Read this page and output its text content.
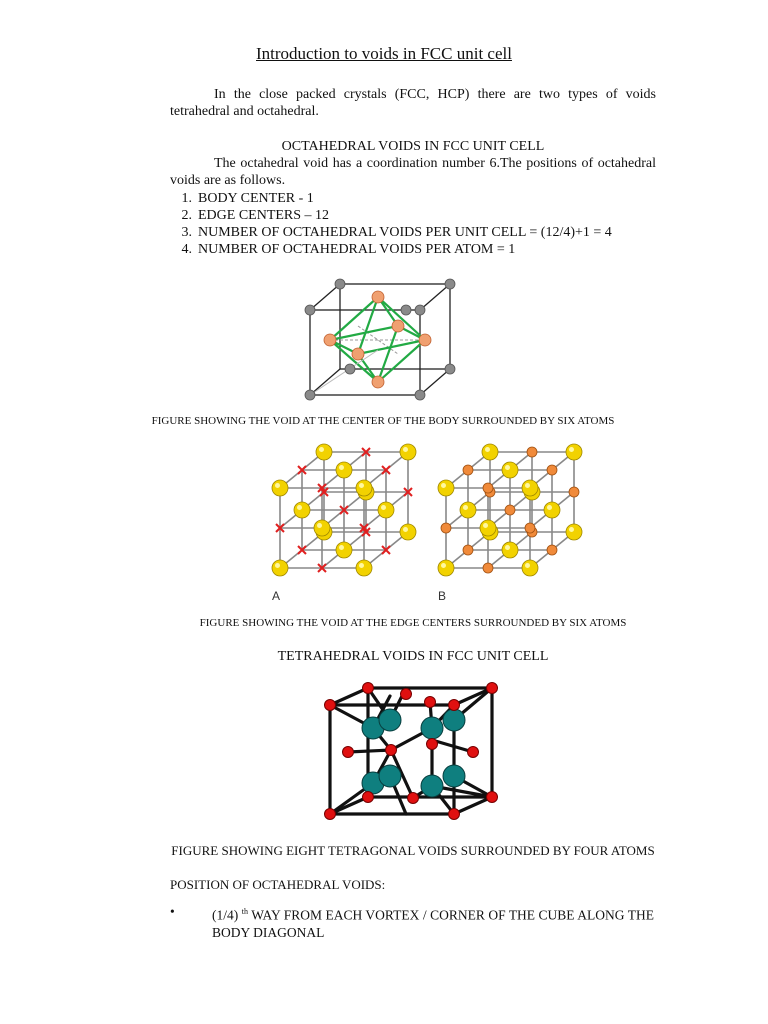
Introduction to voids in FCC unit cell
In the close packed crystals (FCC, HCP) there are two types of voids tetrahedral and octahedral.
OCTAHEDRAL VOIDS IN FCC UNIT CELL
The octahedral void has a coordination number 6.The positions of octahedral voids are as follows.
1. BODY CENTER - 1
2. EDGE CENTERS – 12
3. NUMBER OF OCTAHEDRAL VOIDS PER UNIT CELL = (12/4)+1 = 4
4. NUMBER OF OCTAHEDRAL VOIDS PER ATOM = 1
FIGURE SHOWING THE VOID AT THE CENTER OF THE BODY SURROUNDED BY SIX ATOMS
A	B
FIGURE SHOWING THE VOID AT THE EDGE CENTERS SURROUNDED BY SIX ATOMS
TETRAHEDRAL VOIDS IN FCC UNIT CELL
FIGURE SHOWING EIGHT TETRAGONAL VOIDS SURROUNDED BY FOUR ATOMS
POSITION OF OCTAHEDRAL VOIDS:
•	(1/4) $^{th}$ WAY FROM EACH VORTEX / CORNER OF THE CUBE ALONG THE BODY DIAGONAL
